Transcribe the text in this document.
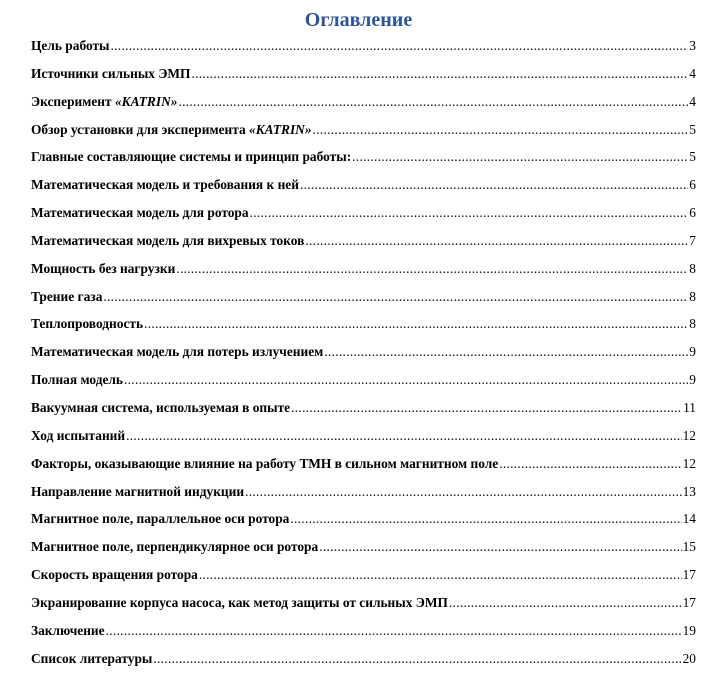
Оглавление
Цель работы .....	3
Источники сильных ЭМП .....	4
Эксперимент «KATRIN» .....	4
Обзор установки для эксперимента «KATRIN» .....	5
Главные составляющие системы и принцип работы: .....	5
Математическая модель и требования к ней .....	6
Математическая модель для ротора .....	6
Математическая модель для вихревых токов .....	7
Мощность без нагрузки .....	8
Трение газа .....	8
Теплопроводность .....	8
Математическая модель для потерь излучением .....	9
Полная модель .....	9
Вакуумная система, используемая в опыте .....	11
Ход испытаний .....	12
Факторы, оказывающие влияние на работу ТМН в сильном магнитном поле .....	12
Направление магнитной индукции .....	13
Магнитное поле, параллельное оси ротора .....	14
Магнитное поле, перпендикулярное оси ротора .....	15
Скорость вращения ротора .....	17
Экранирование корпуса насоса, как метод защиты от сильных ЭМП .....	17
Заключение .....	19
Список литературы .....	20
